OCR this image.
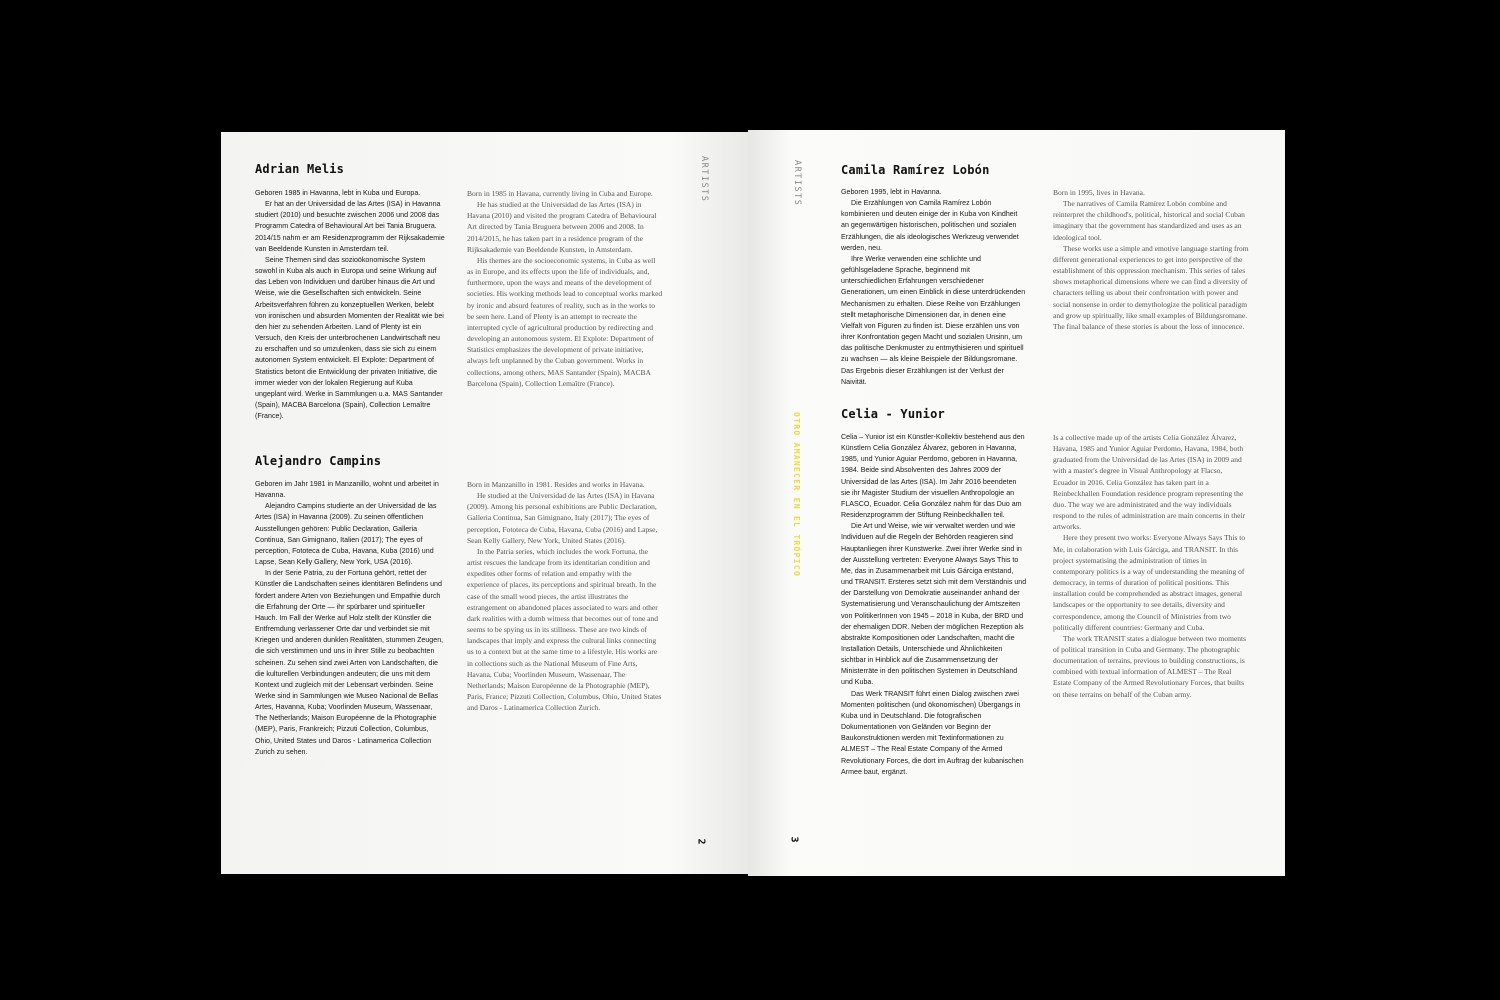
Adrian Melis

Geboren 1985 in Havanna, lebt in Kuba und Europa.

Er hat an der Universidad de las Artes (ISA) in Havanna studiert (2010) und besuchte zwischen 2006 und 2008 das Programm Catedra of Behavioural Art bei Tania Bruguera. 2014/15 nahm er am Residenzprogramm der Rijksakademie van Beeldende Kunsten in Amsterdam teil.

Seine Themen sind das sozioökonomische System sowohl in Kuba als auch in Europa und seine Wirkung auf das Leben von Individuen und darüber hinaus die Art und Weise, wie die Gesellschaften sich entwickeln. Seine Arbeitsverfahren führen zu konzeptuellen Werken, belebt von ironischen und absurden Momenten der Realität wie bei den hier zu sehenden Arbeiten. Land of Plenty ist ein Versuch, den Kreis der unterbrochenen Landwirtschaft neu zu erschaffen und so umzulenken, dass sie sich zu einem autonomen System entwickelt. El Explote: Department of Statistics betont die Entwicklung der privaten Initiative, die immer wieder von der lokalen Regierung auf Kuba ungeplant wird. Werke in Sammlungen u.a. MAS Santander (Spain), MACBA Barcelona (Spain), Collection Lemaître (France).

Born in 1985 in Havana, currently living in Cuba and Europe.

He has studied at the Universidad de las Artes (ISA) in Havana (2010) and visited the program Catedra of Behavioural Art directed by Tania Bruguera between 2006 and 2008. In 2014/2015, he has taken part in a residence program of the Rijksakademie van Beeldende Kunsten, in Amsterdam.

His themes are the socioeconomic systems, in Cuba as well as in Europe, and its effects upon the life of individuals, and, furthermore, upon the ways and means of the development of societies. His working methods lead to conceptual works marked by ironic and absurd features of reality, such as in the works to be seen here. Land of Plenty is an attempt to recreate the interrupted cycle of agricultural production by redirecting and developing an autonomous system. El Explote: Department of Statistics emphasizes the development of private initiative, always left unplanned by the Cuban government. Works in collections, among others, MAS Santander (Spain), MACBA Barcelona (Spain), Collection Lemaître (France).

Alejandro Campins

Geboren im Jahr 1981 in Manzanillo, wohnt und arbeitet in Havanna.

Alejandro Campins studierte an der Universidad de las Artes (ISA) in Havanna (2009). Zu seinen öffentlichen Ausstellungen gehören: Public Declaration, Galleria Continua, San Gimignano, Italien (2017); The eyes of perception, Fototeca de Cuba, Havana, Kuba (2016) und Lapse, Sean Kelly Gallery, New York, USA (2016).

In der Serie Patria, zu der Fortuna gehört, rettet der Künstler die Landschaften seines identitären Befindens und fördert andere Arten von Beziehungen und Empathie durch die Erfahrung der Orte — ihr spürbarer und spiritueller Hauch. Im Fall der Werke auf Holz stellt der Künstler die Entfremdung verlassener Orte dar und verbindet sie mit Kriegen und anderen dunklen Realitäten, stummen Zeugen, die sich verstimmen und uns in ihrer Stille zu beobachten scheinen. Zu sehen sind zwei Arten von Landschaften, die die kulturellen Verbindungen andeuten; die uns mit dem Kontext und zugleich mit der Lebensart verbinden. Seine Werke sind in Sammlungen wie Museo Nacional de Bellas Artes, Havanna, Kuba; Voorlinden Museum, Wassenaar, The Netherlands; Maison Européenne de la Photographie (MEP), Paris, Frankreich; Pizzuti Collection, Columbus, Ohio, United States und Daros - Latinamerica Collection Zurich zu sehen.

Born in Manzanillo in 1981. Resides and works in Havana.

He studied at the Universidad de las Artes (ISA) in Havana (2009). Among his personal exhibitions are Public Declaration, Galleria Continua, San Gimignano, Italy (2017); The eyes of perception, Fototeca de Cuba, Havana, Cuba (2016) and Lapse, Sean Kelly Gallery, New York, United States (2016).

In the Patria series, which includes the work Fortuna, the artist rescues the landcape from its identitarian condition and expedites other forms of relation and empathy with the experience of places, its perceptions and spiritual breath. In the case of the small wood pieces, the artist illustrates the estrangement on abandoned places associated to wars and other dark realities with a dumb witness that becomes out of tone and seems to be spying us in its stillness. These are two kinds of landscapes that imply and express the cultural links connecting us to a context but at the same time to a lifestyle. His works are in collections such as the National Museum of Fine Arts, Havana, Cuba; Voorlinden Museum, Wassenaar, The Netherlands; Maison Européenne de la Photographie (MEP), Paris, France; Pizzuti Collection, Columbus, Ohio, United States and Daros - Latinamerica Collection Zurich.

ARTISTS
2
ARTISTS
OTRO AMANECER EN EL TRÓPICO
3
Camila Ramírez Lobón

Geboren 1995, lebt in Havanna.

Die Erzählungen von Camila Ramírez Lobón kombinieren und deuten einige der in Kuba von Kindheit an gegenwärtigen historischen, politischen und sozialen Erzählungen, die als ideologisches Werkzeug verwendet werden, neu.

Ihre Werke verwenden eine schlichte und gefühlsgeladene Sprache, beginnend mit unterschiedlichen Erfahrungen verschiedener Generationen, um einen Einblick in diese unterdrückenden Mechanismen zu erhalten. Diese Reihe von Erzählungen stellt metaphorische Dimensionen dar, in denen eine Vielfalt von Figuren zu finden ist. Diese erzählen uns von ihrer Konfrontation gegen Macht und sozialen Unsinn, um das politische Denkmuster zu entmythisieren und spirituell zu wachsen — als kleine Beispiele der Bildungsromane. Das Ergebnis dieser Erzählungen ist der Verlust der Naivität.

Born in 1995, lives in Havana.

The narratives of Camila Ramírez Lobón combine and reinterpret the childhood's, political, historical and social Cuban imaginary that the government has standardized and uses as an ideological tool.

These works use a simple and emotive language starting from different generational experiences to get into perspective of the establishment of this oppression mechanism. This series of tales shows metaphorical dimensions where we can find a diversity of characters telling us about their confrontation with power and social nonsense in order to demythologize the political paradigm and grow up spiritually, like small examples of Bildungsromane. The final balance of these stories is about the loss of innocence.

Celia - Yunior

Celia – Yunior ist ein Künstler-Kollektiv bestehend aus den Künstlern Celia González Álvarez, geboren in Havanna, 1985, und Yunior Aguiar Perdomo, geboren in Havanna, 1984. Beide sind Absolventen des Jahres 2009 der Universidad de las Artes (ISA). Im Jahr 2016 beendeten sie ihr Magister Studium der visuellen Anthropologie an FLASCO, Ecuador. Celia González nahm für das Duo am Residenzprogramm der Stiftung Reinbeckhallen teil.

Die Art und Weise, wie wir verwaltet werden und wie Individuen auf die Regeln der Behörden reagieren sind Hauptanliegen ihrer Kunstwerke. Zwei ihrer Werke sind in der Ausstellung vertreten: Everyone Always Says This to Me, das in Zusammenarbeit mit Luis Gárciga entstand, und TRANSIT. Ersteres setzt sich mit dem Verständnis und der Darstellung von Demokratie auseinander anhand der Systematisierung und Veranschaulichung der Amtszeiten von PolitikerInnen von 1945 – 2018 in Kuba, der BRD und der ehemaligen DDR. Neben der möglichen Rezeption als abstrakte Kompositionen oder Landschaften, macht die Installation Details, Unterschiede und Ähnlichkeiten sichtbar in Hinblick auf die Zusammensetzung der Ministerräte in den politischen Systemen in Deutschland und Kuba.

Das Werk TRANSIT führt einen Dialog zwischen zwei Momenten politischen (und ökonomischen) Übergangs in Kuba und in Deutschland. Die fotografischen Dokumentationen von Geländen vor Beginn der Baukonstruktionen werden mit Textinformationen zu ALMEST – The Real Estate Company of the Armed Revolutionary Forces, die dort im Auftrag der kubanischen Armee baut, ergänzt.

Is a collective made up of the artists Celia González Álvarez, Havana, 1985 and Yunior Aguiar Perdomo, Havana, 1984, both graduated from the Universidad de las Artes (ISA) in 2009 and with a master's degree in Visual Anthropology at Flacso, Ecuador in 2016. Celia González has taken part in a Reinbeckhallen Foundation residence program representing the duo. The way we are administrated and the way individuals respond to the rules of administration are main concerns in their artworks.

Here they present two works: Everyone Always Says This to Me, in colaboration with Luis Gárciga, and TRANSIT. In this project systematising the administration of times in contemporary politics is a way of understanding the meaning of democracy, in terms of duration of political positions. This installation could be comprehended as abstract images, general landscapes or the opportunity to see details, diversity and correspondence, among the Council of Ministries from two politically different countries: Germany and Cuba.

The work TRANSIT states a dialogue between two moments of political transition in Cuba and Germany. The photographic documentation of terrains, previous to building constructions, is combined with textual information of ALMEST – The Real Estate Company of the Armed Revolutionary Forces, that builts on these terrains on behalf of the Cuban army.
